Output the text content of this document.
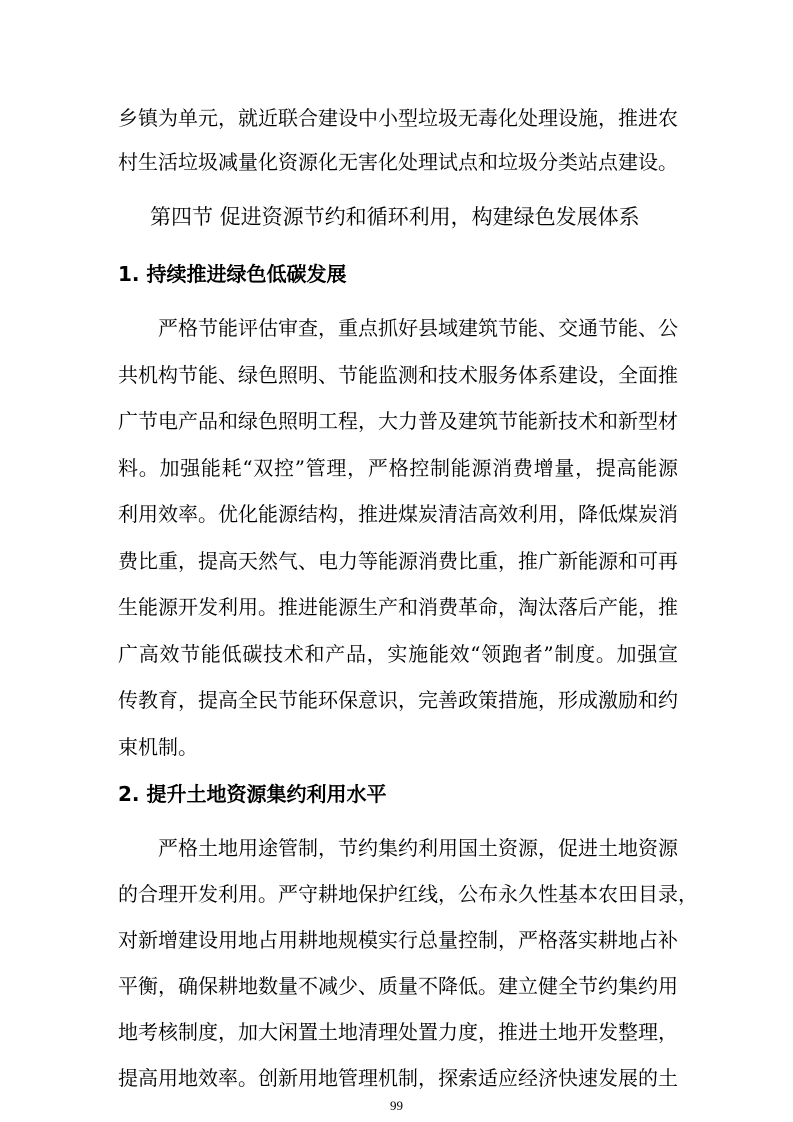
乡镇为单元，就近联合建设中小型垃圾无毒化处理设施，推进农
村生活垃圾减量化资源化无害化处理试点和垃圾分类站点建设。
第四节 促进资源节约和循环利用，构建绿色发展体系
1. 持续推进绿色低碳发展
严格节能评估审查，重点抓好县域建筑节能、交通节能、公
共机构节能、绿色照明、节能监测和技术服务体系建设，全面推
广节电产品和绿色照明工程，大力普及建筑节能新技术和新型材
料。加强能耗“双控”管理，严格控制能源消费增量，提高能源
利用效率。优化能源结构，推进煤炭清洁高效利用，降低煤炭消
费比重，提高天然气、电力等能源消费比重，推广新能源和可再
生能源开发利用。推进能源生产和消费革命，淘汰落后产能，推
广高效节能低碳技术和产品，实施能效“领跑者”制度。加强宣
传教育，提高全民节能环保意识，完善政策措施，形成激励和约
束机制。
2. 提升土地资源集约利用水平
严格土地用途管制，节约集约利用国土资源，促进土地资源
的合理开发利用。严守耕地保护红线，公布永久性基本农田目录，
对新增建设用地占用耕地规模实行总量控制，严格落实耕地占补
平衡，确保耕地数量不减少、质量不降低。建立健全节约集约用
地考核制度，加大闲置土地清理处置力度，推进土地开发整理，
提高用地效率。创新用地管理机制，探索适应经济快速发展的土
99
